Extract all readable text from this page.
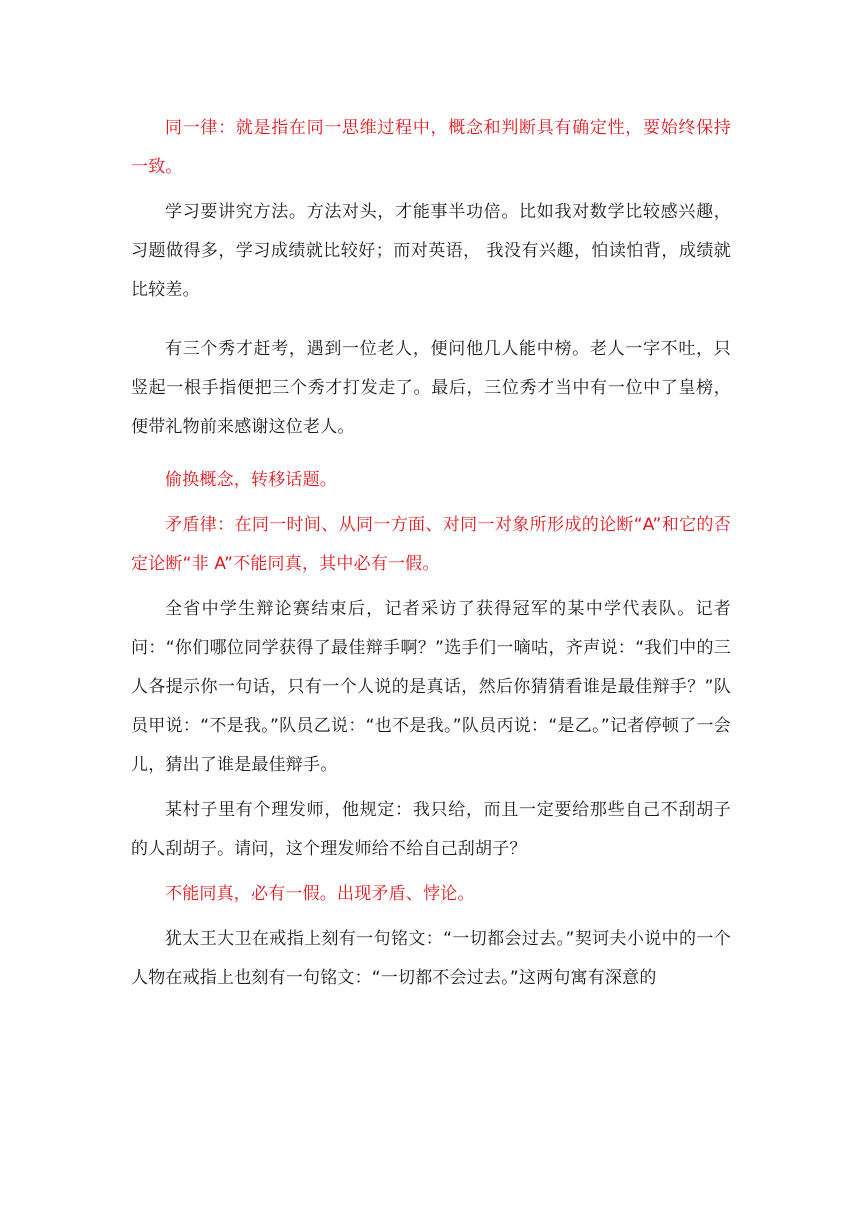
同一律：就是指在同一思维过程中，概念和判断具有确定性，要始终保持一致。

学习要讲究方法。方法对头，才能事半功倍。比如我对数学比较感兴趣，习题做得多，学习成绩就比较好；而对英语， 我没有兴趣，怕读怕背，成绩就比较差。

有三个秀才赶考，遇到一位老人，便问他几人能中榜。老人一字不吐，只竖起一根手指便把三个秀才打发走了。最后，三位秀才当中有一位中了皇榜，便带礼物前来感谢这位老人。

偷换概念，转移话题。

矛盾律：在同一时间、从同一方面、对同一对象所形成的论断“A”和它的否定论断“非 A”不能同真，其中必有一假。

全省中学生辩论赛结束后，记者采访了获得冠军的某中学代表队。记者问：“你们哪位同学获得了最佳辩手啊？”选手们一嘀咕，齐声说：“我们中的三人各提示你一句话，只有一个人说的是真话，然后你猜猜看谁是最佳辩手？”队员甲说：“不是我。”队员乙说：“也不是我。”队员丙说：“是乙。”记者停顿了一会儿，猜出了谁是最佳辩手。

某村子里有个理发师，他规定：我只给，而且一定要给那些自己不刮胡子的人刮胡子。请问，这个理发师给不给自己刮胡子？

不能同真，必有一假。出现矛盾、悖论。

犹太王大卫在戒指上刻有一句铭文：“一切都会过去。”契诃夫小说中的一个人物在戒指上也刻有一句铭文：“一切都不会过去。”这两句寓有深意的
